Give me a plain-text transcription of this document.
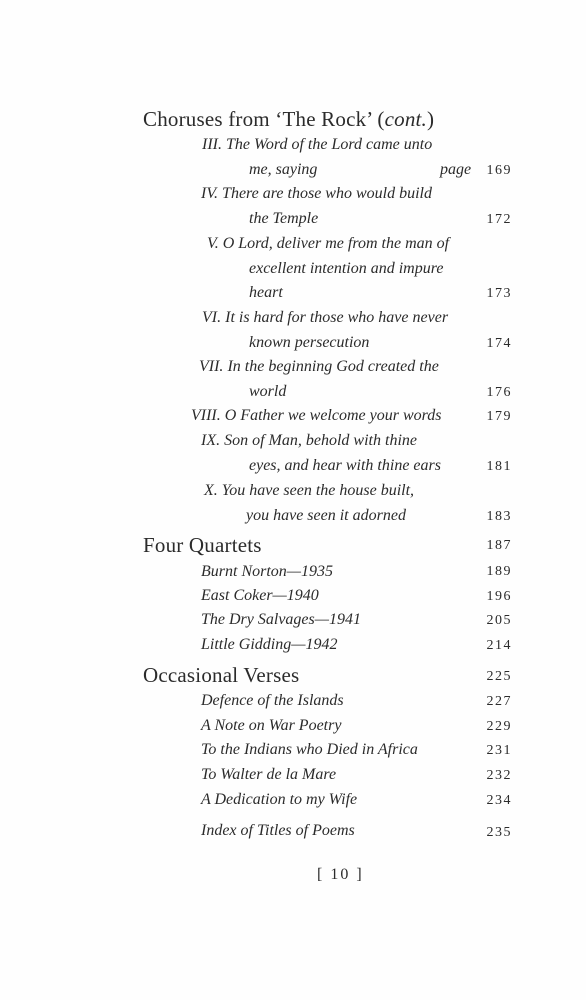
Choruses from ‘The Rock’ (cont.)
III. The Word of the Lord came unto
me, saying	page	169
IV. There are those who would build
the Temple	172
V. O Lord, deliver me from the man of
excellent intention and impure
heart	173
VI. It is hard for those who have never
known persecution	174
VII. In the beginning God created the
world	176
VIII. O Father we welcome your words	179
IX. Son of Man, behold with thine
eyes, and hear with thine ears	181
X. You have seen the house built,
you have seen it adorned	183
Four Quartets	187
Burnt Norton—1935	189
East Coker—1940	196
The Dry Salvages—1941	205
Little Gidding—1942	214
Occasional Verses	225
Defence of the Islands	227
A Note on War Poetry	229
To the Indians who Died in Africa	231
To Walter de la Mare	232
A Dedication to my Wife	234
Index of Titles of Poems	235
[ 10 ]
